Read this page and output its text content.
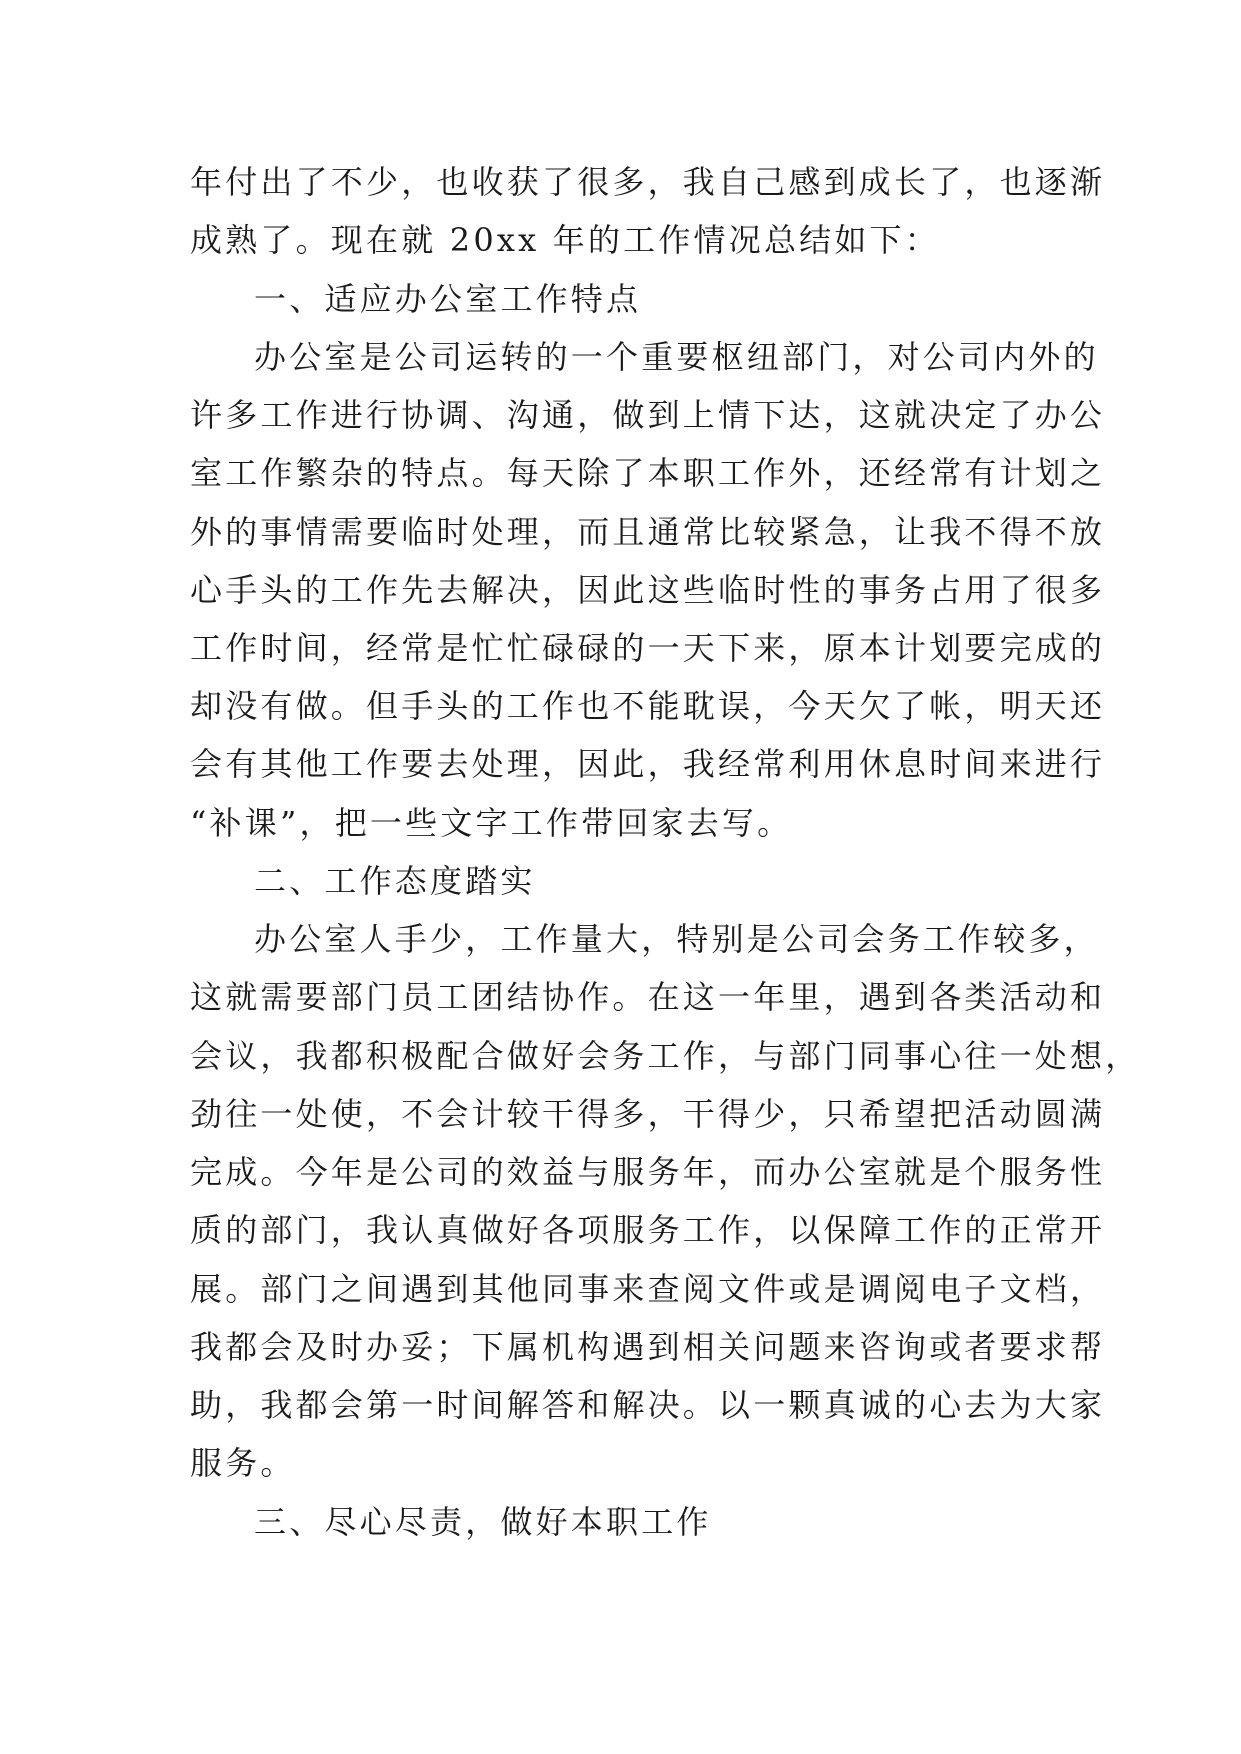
年付出了不少，也收获了很多，我自己感到成长了，也逐渐
成熟了。现在就 20xx 年的工作情况总结如下：
一、适应办公室工作特点
办公室是公司运转的一个重要枢纽部门，对公司内外的
许多工作进行协调、沟通，做到上情下达，这就决定了办公
室工作繁杂的特点。每天除了本职工作外，还经常有计划之
外的事情需要临时处理，而且通常比较紧急，让我不得不放
心手头的工作先去解决，因此这些临时性的事务占用了很多
工作时间，经常是忙忙碌碌的一天下来，原本计划要完成的
却没有做。但手头的工作也不能耽误，今天欠了帐，明天还
会有其他工作要去处理，因此，我经常利用休息时间来进行
“补课”，把一些文字工作带回家去写。
二、工作态度踏实
办公室人手少，工作量大，特别是公司会务工作较多，
这就需要部门员工团结协作。在这一年里，遇到各类活动和
会议，我都积极配合做好会务工作，与部门同事心往一处想，
劲往一处使，不会计较干得多，干得少，只希望把活动圆满
完成。今年是公司的效益与服务年，而办公室就是个服务性
质的部门，我认真做好各项服务工作，以保障工作的正常开
展。部门之间遇到其他同事来查阅文件或是调阅电子文档，
我都会及时办妥；下属机构遇到相关问题来咨询或者要求帮
助，我都会第一时间解答和解决。以一颗真诚的心去为大家
服务。
三、尽心尽责，做好本职工作
